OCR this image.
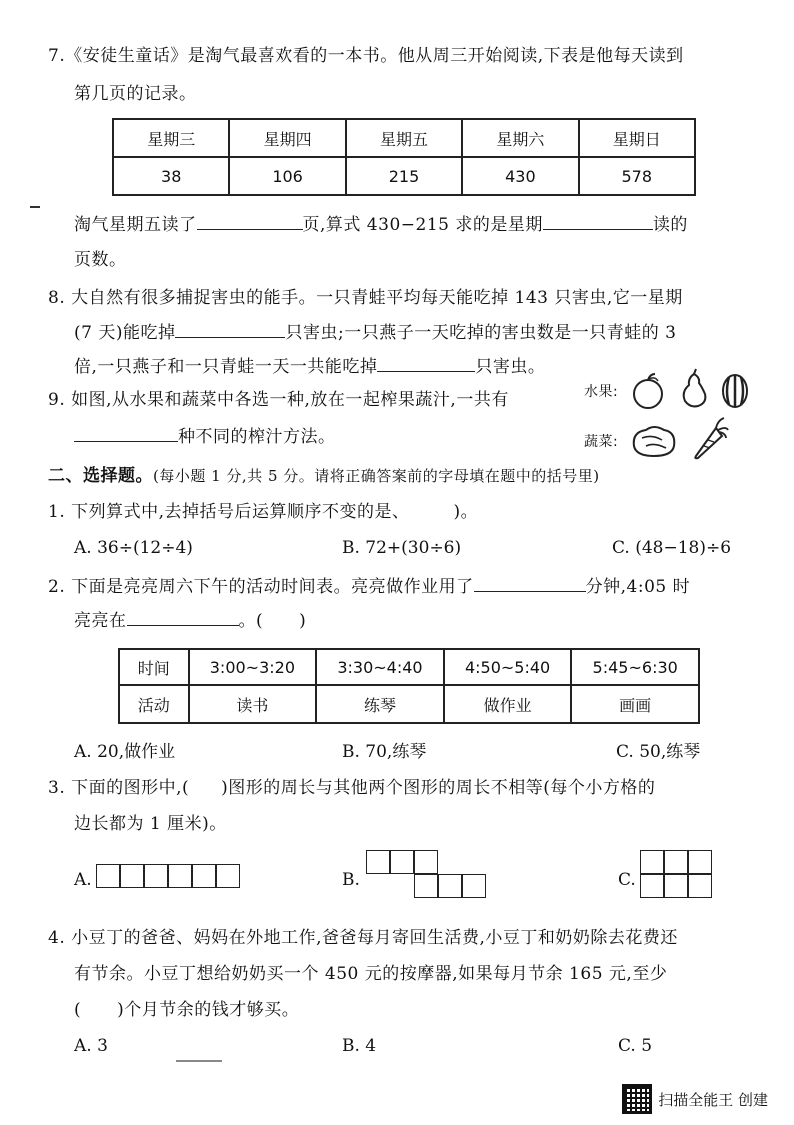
7.《安徒生童话》是淘气最喜欢看的一本书。他从周三开始阅读,下表是他每天读到
第几页的记录。
星期三	星期四	星期五	星期六	星期日
38	106	215	430	578
淘气星期五读了	页,算式 430−215 求的是星期	读的
页数。
8. 大自然有很多捕捉害虫的能手。一只青蛙平均每天能吃掉 143 只害虫,它一星期
(7 天)能吃掉	只害虫;一只燕子一天吃掉的害虫数是一只青蛙的 3
倍,一只燕子和一只青蛙一天一共能吃掉	只害虫。
9. 如图,从水果和蔬菜中各选一种,放在一起榨果蔬汁,一共有
种不同的榨汁方法。
水果:
蔬菜:
二、选择题。(每小题 1 分,共 5 分。请将正确答案前的字母填在题中的括号里)
1. 下列算式中,去掉括号后运算顺序不变的是、	)。
A. 36÷(12÷4)	B. 72+(30÷6)	C. (48−18)÷6
2. 下面是亮亮周六下午的活动时间表。亮亮做作业用了	分钟,4:05 时
亮亮在	。( )
时间	3:00~3:20	3:30~4:40	4:50~5:40	5:45~6:30
活动	读书	练琴	做作业	画画
A. 20,做作业	B. 70,练琴	C. 50,练琴
3. 下面的图形中,( )图形的周长与其他两个图形的周长不相等(每个小方格的
边长都为 1 厘米)。
A.	B.	C.
4. 小豆丁的爸爸、妈妈在外地工作,爸爸每月寄回生活费,小豆丁和奶奶除去花费还
有节余。小豆丁想给奶奶买一个 450 元的按摩器,如果每月节余 165 元,至少
( )个月节余的钱才够买。
A. 3	B. 4	C. 5
扫描全能王 创建
